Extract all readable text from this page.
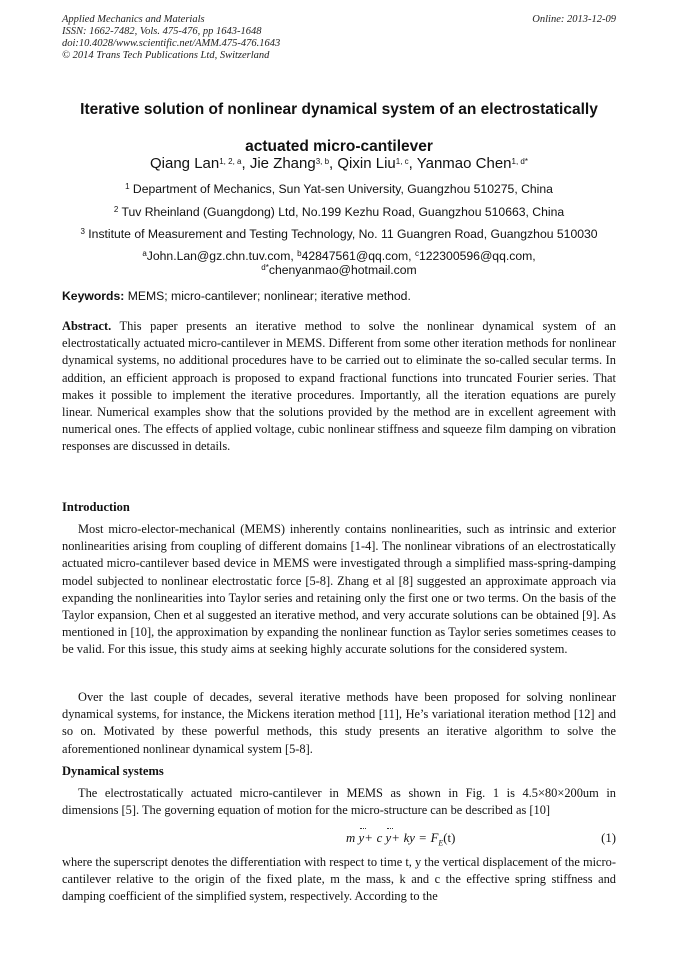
Applied Mechanics and Materials
ISSN: 1662-7482, Vols. 475-476, pp 1643-1648
doi:10.4028/www.scientific.net/AMM.475-476.1643
© 2014 Trans Tech Publications Ltd, Switzerland
Online: 2013-12-09
Iterative solution of nonlinear dynamical system of an electrostatically
actuated micro-cantilever
Qiang Lan$^{1, 2, a}$, Jie Zhang$^{3, b}$, Qixin Liu$^{1, c}$, Yanmao Chen$^{1, d*}$
$^1$ Department of Mechanics, Sun Yat-sen University, Guangzhou 510275, China
$^2$ Tuv Rheinland (Guangdong) Ltd, No.199 Kezhu Road, Guangzhou 510663, China
$^3$ Institute of Measurement and Testing Technology, No. 11 Guangren Road, Guangzhou 510030
$^a$John.Lan@gz.chn.tuv.com, $^b$42847561@qq.com, $^c$122300596@qq.com,
$^{d*}$chenyanmao@hotmail.com
Keywords: MEMS; micro-cantilever; nonlinear; iterative method.
Abstract. This paper presents an iterative method to solve the nonlinear dynamical system of an electrostatically actuated micro-cantilever in MEMS. Different from some other iteration methods for nonlinear dynamical systems, no additional procedures have to be carried out to eliminate the so-called secular terms. In addition, an efficient approach is proposed to expand fractional functions into truncated Fourier series. That makes it possible to implement the iterative procedures. Importantly, all the iteration equations are purely linear. Numerical examples show that the solutions provided by the method are in excellent agreement with numerical ones. The effects of applied voltage, cubic nonlinear stiffness and squeeze film damping on vibration responses are discussed in details.
Introduction
Most micro-elector-mechanical (MEMS) inherently contains nonlinearities, such as intrinsic and exterior nonlinearities arising from coupling of different domains [1-4]. The nonlinear vibrations of an electrostatically actuated micro-cantilever based device in MEMS were investigated through a simplified mass-spring-damping model subjected to nonlinear electrostatic force [5-8]. Zhang et al [8] suggested an approximate approach via expanding the nonlinearities into Taylor series and retaining only the first one or two terms. On the basis of the Taylor expansion, Chen et al suggested an iterative method, and very accurate solutions can be obtained [9]. As mentioned in [10], the approximation by expanding the nonlinear function as Taylor series sometimes ceases to be valid. For this issue, this study aims at seeking highly accurate solutions for the considered system.
Over the last couple of decades, several iterative methods have been proposed for solving nonlinear dynamical systems, for instance, the Mickens iteration method [11], He’s variational iteration method [12] and so on. Motivated by these powerful methods, this study presents an iterative algorithm to solve the aforementioned nonlinear dynamical system [5-8].
Dynamical systems
The electrostatically actuated micro-cantilever in MEMS as shown in Fig. 1 is 4.5×80×200um in dimensions [5]. The governing equation of motion for the micro-structure can be described as [10]
m y+ c y+ ky = $F_E(t)$	(1)
where the superscript denotes the differentiation with respect to time t, y the vertical displacement of the micro-cantilever relative to the origin of the fixed plate, m the mass, k and c the effective spring stiffness and damping coefficient of the simplified system, respectively. According to the
